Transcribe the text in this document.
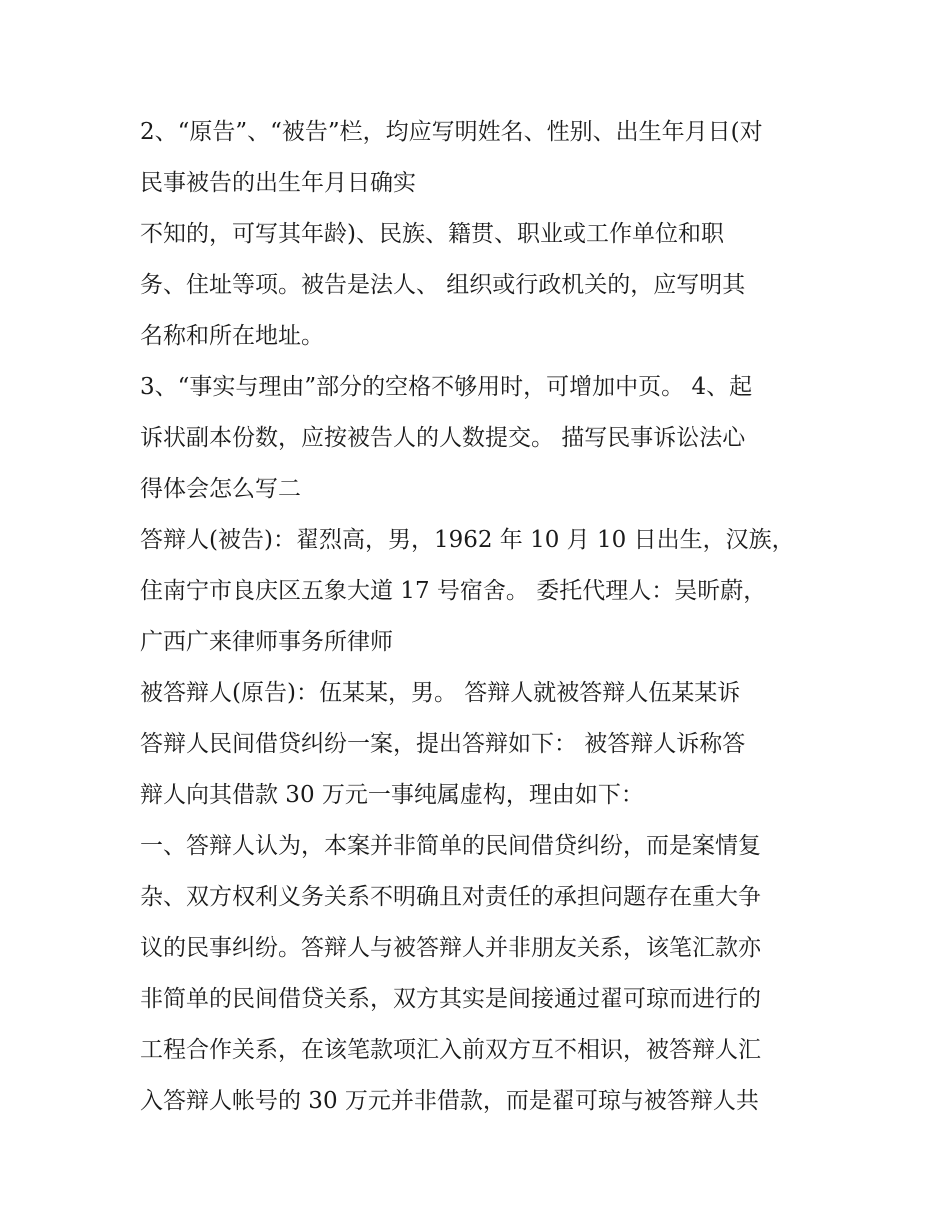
2、“原告”、“被告”栏，均应写明姓名、性别、出生年月日(对
民事被告的出生年月日确实
不知的，可写其年龄)、民族、籍贯、职业或工作单位和职
务、住址等项。被告是法人、 组织或行政机关的，应写明其
名称和所在地址。
3、“事实与理由”部分的空格不够用时，可增加中页。 4、起
诉状副本份数，应按被告人的人数提交。 描写民事诉讼法心
得体会怎么写二
答辩人(被告)：翟烈高，男，1962 年 10 月 10 日出生，汉族，
住南宁市良庆区五象大道 17 号宿舍。 委托代理人：吴昕蔚，
广西广来律师事务所律师
被答辩人(原告)：伍某某，男。 答辩人就被答辩人伍某某诉
答辩人民间借贷纠纷一案，提出答辩如下： 被答辩人诉称答
辩人向其借款 30 万元一事纯属虚构，理由如下：
一、答辩人认为，本案并非简单的民间借贷纠纷，而是案情复
杂、双方权利义务关系不明确且对责任的承担问题存在重大争
议的民事纠纷。答辩人与被答辩人并非朋友关系，该笔汇款亦
非简单的民间借贷关系，双方其实是间接通过翟可琼而进行的
工程合作关系，在该笔款项汇入前双方互不相识，被答辩人汇
入答辩人帐号的 30 万元并非借款，而是翟可琼与被答辩人共
